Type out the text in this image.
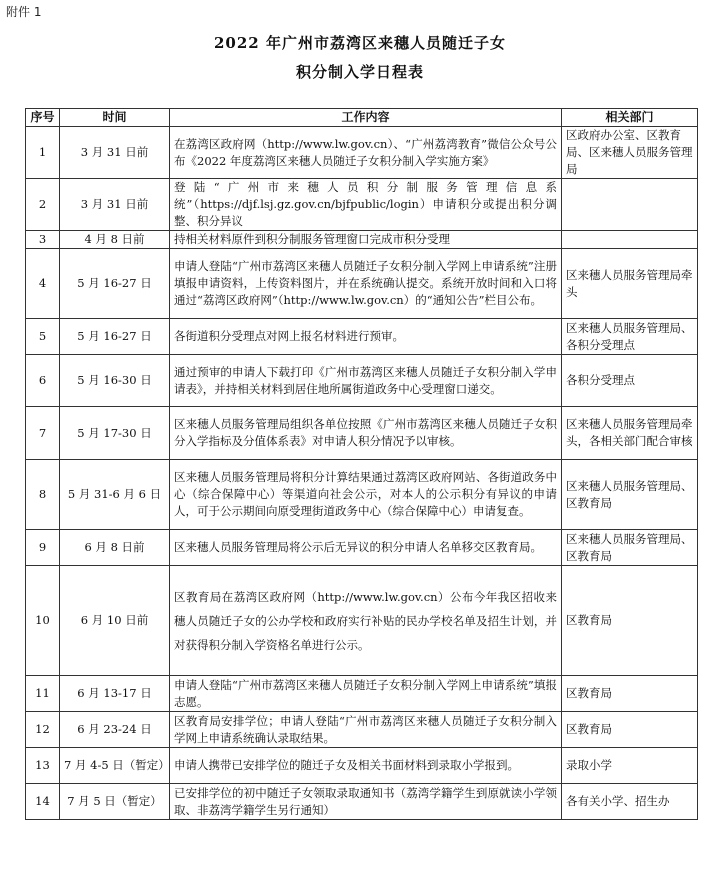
附件 1
2022 年广州市荔湾区来穗人员随迁子女
积分制入学日程表
序号	时间	工作内容	相关部门
1	3 月 31 日前	在荔湾区政府网（http://www.lw.gov.cn）、“广州荔湾教育”微信公众号公布《2022 年度荔湾区来穗人员随迁子女积分制入学实施方案》	区政府办公室、区教育局、区来穗人员服务管理局
2	3 月 31 日前	登陆“广州市来穗人员积分制服务管理信息系统”（https://djf.lsj.gz.gov.cn/bjfpublic/login）申请积分或提出积分调整、积分异议	
3	4 月 8 日前	持相关材料原件到积分制服务管理窗口完成市积分受理	
4	5 月 16-27 日	申请人登陆“广州市荔湾区来穗人员随迁子女积分制入学网上申请系统”注册填报申请资料，上传资料图片，并在系统确认提交。系统开放时间和入口将通过“荔湾区政府网”（http://www.lw.gov.cn）的“通知公告”栏目公布。	区来穗人员服务管理局牵头
5	5 月 16-27 日	各街道积分受理点对网上报名材料进行预审。	区来穗人员服务管理局、各积分受理点
6	5 月 16-30 日	通过预审的申请人下载打印《广州市荔湾区来穗人员随迁子女积分制入学申请表》，并持相关材料到居住地所属街道政务中心受理窗口递交。	各积分受理点
7	5 月 17-30 日	区来穗人员服务管理局组织各单位按照《广州市荔湾区来穗人员随迁子女积分入学指标及分值体系表》对申请人积分情况予以审核。	区来穗人员服务管理局牵头，各相关部门配合审核
8	5 月 31-6 月 6 日	区来穗人员服务管理局将积分计算结果通过荔湾区政府网站、各街道政务中心（综合保障中心）等渠道向社会公示，对本人的公示积分有异议的申请人，可于公示期间向原受理街道政务中心（综合保障中心）申请复查。	区来穗人员服务管理局、区教育局
9	6 月 8 日前	区来穗人员服务管理局将公示后无异议的积分申请人名单移交区教育局。	区来穗人员服务管理局、区教育局
10	6 月 10 日前	区教育局在荔湾区政府网（http://www.lw.gov.cn）公布今年我区招收来穗人员随迁子女的公办学校和政府实行补贴的民办学校名单及招生计划，并对获得积分制入学资格名单进行公示。	区教育局
11	6 月 13-17 日	申请人登陆“广州市荔湾区来穗人员随迁子女积分制入学网上申请系统”填报志愿。	区教育局
12	6 月 23-24 日	区教育局安排学位；申请人登陆“广州市荔湾区来穗人员随迁子女积分制入学网上申请系统确认录取结果。	区教育局
13	7 月 4-5 日（暂定）	申请人携带已安排学位的随迁子女及相关书面材料到录取小学报到。	录取小学
14	7 月 5 日（暂定）	已安排学位的初中随迁子女领取录取通知书（荔湾学籍学生到原就读小学领取、非荔湾学籍学生另行通知）	各有关小学、招生办
